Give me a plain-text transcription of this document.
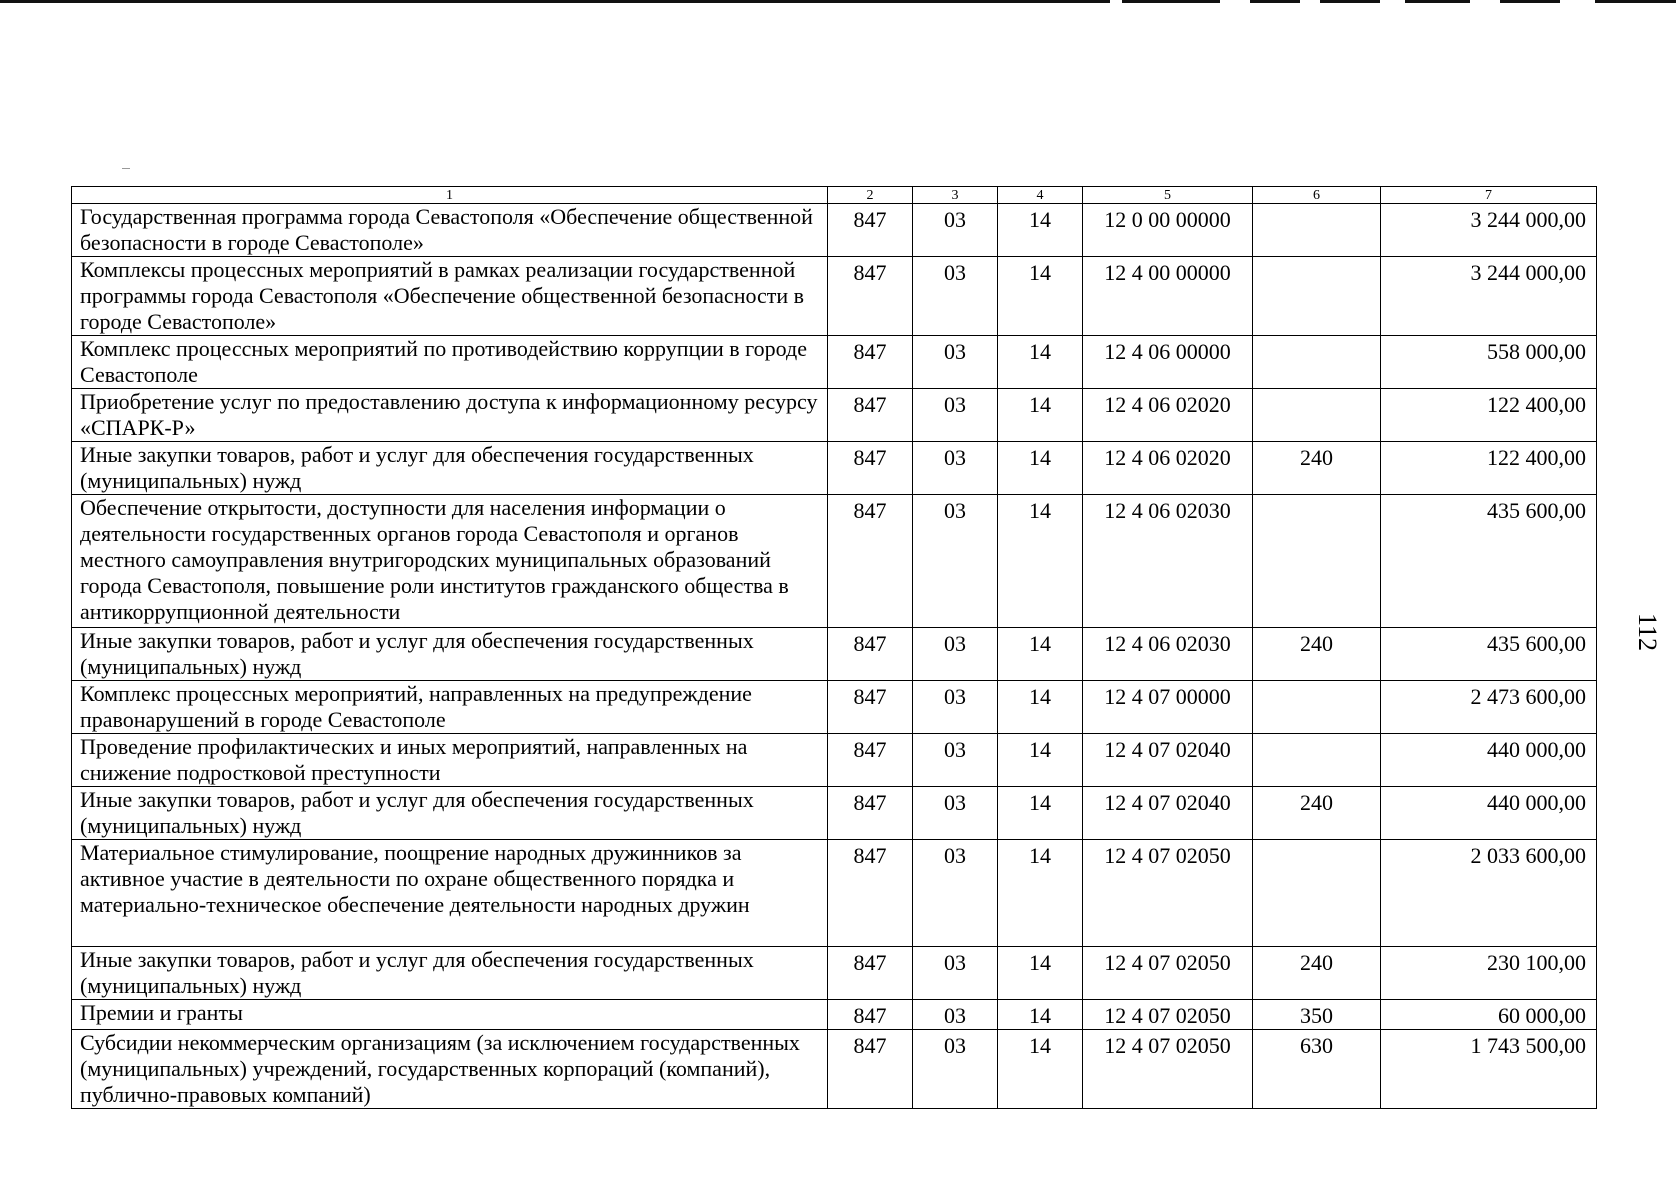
1	2	3	4	5	6	7
Государственная программа города Севастополя «Обеспечение общественной безопасности в городе Севастополе»	847	03	14	12 0 00 00000		3 244 000,00
Комплексы процессных мероприятий в рамках реализации государственной программы города Севастополя «Обеспечение общественной безопасности в городе Севастополе»	847	03	14	12 4 00 00000		3 244 000,00
Комплекс процессных мероприятий по противодействию коррупции в городе Севастополе	847	03	14	12 4 06 00000		558 000,00
Приобретение услуг по предоставлению доступа к информационному ресурсу «СПАРК-Р»	847	03	14	12 4 06 02020		122 400,00
Иные закупки товаров, работ и услуг для обеспечения государственных (муниципальных) нужд	847	03	14	12 4 06 02020	240	122 400,00
Обеспечение открытости, доступности для населения информации о деятельности государственных органов города Севастополя и органов местного самоуправления внутригородских муниципальных образований города Севастополя, повышение роли институтов гражданского общества в антикоррупционной деятельности	847	03	14	12 4 06 02030		435 600,00
Иные закупки товаров, работ и услуг для обеспечения государственных (муниципальных) нужд	847	03	14	12 4 06 02030	240	435 600,00
Комплекс процессных мероприятий, направленных на предупреждение правонарушений в городе Севастополе	847	03	14	12 4 07 00000		2 473 600,00
Проведение профилактических и иных мероприятий, направленных на снижение подростковой преступности	847	03	14	12 4 07 02040		440 000,00
Иные закупки товаров, работ и услуг для обеспечения государственных (муниципальных) нужд	847	03	14	12 4 07 02040	240	440 000,00
Материальное стимулирование, поощрение народных дружинников за активное участие в деятельности по охране общественного порядка и материально-техническое обеспечение деятельности народных дружин	847	03	14	12 4 07 02050		2 033 600,00
Иные закупки товаров, работ и услуг для обеспечения государственных (муниципальных) нужд	847	03	14	12 4 07 02050	240	230 100,00
Премии и гранты	847	03	14	12 4 07 02050	350	60 000,00
Субсидии некоммерческим организациям (за исключением государственных (муниципальных) учреждений, государственных корпораций (компаний), публично-правовых компаний)	847	03	14	12 4 07 02050	630	1 743 500,00
112
